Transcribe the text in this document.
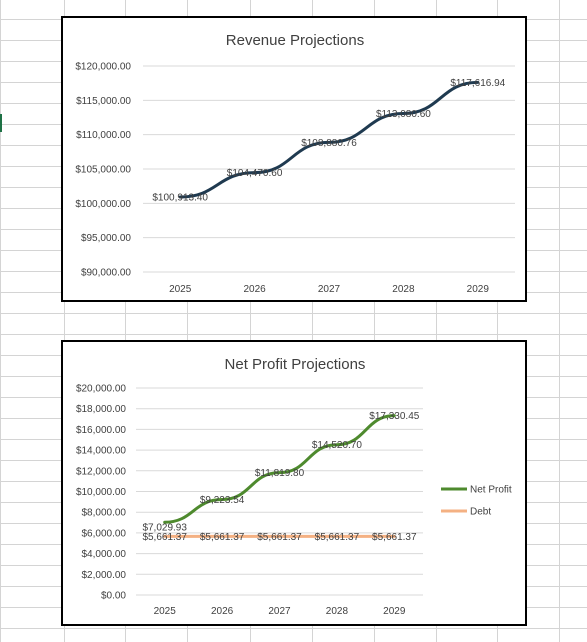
Revenue Projections
$90,000.00
$95,000.00
$100,000.00
$105,000.00
$110,000.00
$115,000.00
$120,000.00
2025	2026	2027	2028	2029
$100,913.40
$104,470.60
$108,880.76
$113,080.60
$117,616.94
Net Profit Projections
$0.00
$2,000.00
$4,000.00
$6,000.00
$8,000.00
$10,000.00
$12,000.00
$14,000.00
$16,000.00
$18,000.00
$20,000.00
2025	2026	2027	2028	2029
$7,029.93
$9,223.54
$11,819.80
$14,520.70
$17,330.45
$5,661.37 $5,661.37 $5,661.37 $5,661.37 $5,661.37
Net Profit
Debt
